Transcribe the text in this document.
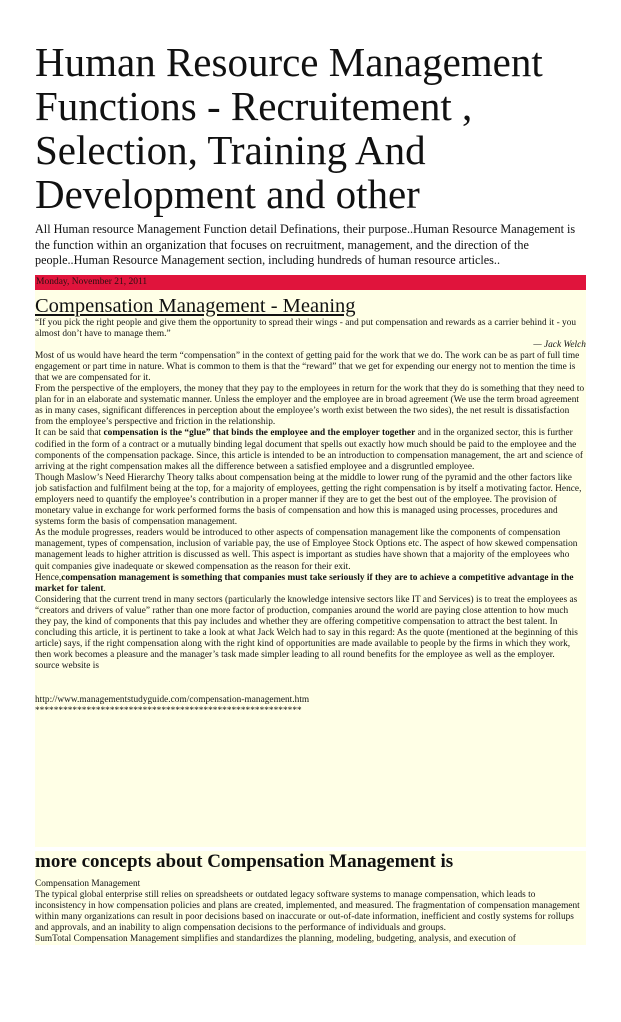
Human Resource Management Functions - Recruitement , Selection, Training And Development and other

All Human resource Management Function detail Definations, their purpose..Human Resource Management is the function within an organization that focuses on recruitment, management, and the direction of the people..Human Resource Management section, including hundreds of human resource articles..

Monday, November 21, 2011
Compensation Management - Meaning

“If you pick the right people and give them the opportunity to spread their wings - and put compensation and rewards as a carrier behind it - you almost don’t have to manage them.”

— Jack Welch

Most of us would have heard the term “compensation” in the context of getting paid for the work that we do. The work can be as part of full time engagement or part time in nature. What is common to them is that the “reward” that we get for expending our energy not to mention the time is that we are compensated for it.

From the perspective of the employers, the money that they pay to the employees in return for the work that they do is something that they need to plan for in an elaborate and systematic manner. Unless the employer and the employee are in broad agreement (We use the term broad agreement as in many cases, significant differences in perception about the employee’s worth exist between the two sides), the net result is dissatisfaction from the employee’s perspective and friction in the relationship.

It can be said that compensation is the “glue” that binds the employee and the employer together and in the organized sector, this is further codified in the form of a contract or a mutually binding legal document that spells out exactly how much should be paid to the employee and the components of the compensation package. Since, this article is intended to be an introduction to compensation management, the art and science of arriving at the right compensation makes all the difference between a satisfied employee and a disgruntled employee.

Though Maslow’s Need Hierarchy Theory talks about compensation being at the middle to lower rung of the pyramid and the other factors like job satisfaction and fulfilment being at the top, for a majority of employees, getting the right compensation is by itself a motivating factor. Hence, employers need to quantify the employee’s contribution in a proper manner if they are to get the best out of the employee. The provision of monetary value in exchange for work performed forms the basis of compensation and how this is managed using processes, procedures and systems form the basis of compensation management.

As the module progresses, readers would be introduced to other aspects of compensation management like the components of compensation management, types of compensation, inclusion of variable pay, the use of Employee Stock Options etc. The aspect of how skewed compensation management leads to higher attrition is discussed as well. This aspect is important as studies have shown that a majority of the employees who quit companies give inadequate or skewed compensation as the reason for their exit.

Hence,compensation management is something that companies must take seriously if they are to achieve a competitive advantage in the market for talent.

Considering that the current trend in many sectors (particularly the knowledge intensive sectors like IT and Services) is to treat the employees as “creators and drivers of value” rather than one more factor of production, companies around the world are paying close attention to how much they pay, the kind of components that this pay includes and whether they are offering competitive compensation to attract the best talent. In concluding this article, it is pertinent to take a look at what Jack Welch had to say in this regard: As the quote (mentioned at the beginning of this article) says, if the right compensation along with the right kind of opportunities are made available to people by the firms in which they work, then work becomes a pleasure and the manager’s task made simpler leading to all round benefits for the employee as well as the employer.

source website is

http://www.managementstudyguide.com/compensation-management.htm

*********************************************************

more concepts about Compensation Management is

Compensation Management

The typical global enterprise still relies on spreadsheets or outdated legacy software systems to manage compensation, which leads to inconsistency in how compensation policies and plans are created, implemented, and measured. The fragmentation of compensation management within many organizations can result in poor decisions based on inaccurate or out-of-date information, inefficient and costly systems for rollups and approvals, and an inability to align compensation decisions to the performance of individuals and groups.

SumTotal Compensation Management simplifies and standardizes the planning, modeling, budgeting, analysis, and execution of
